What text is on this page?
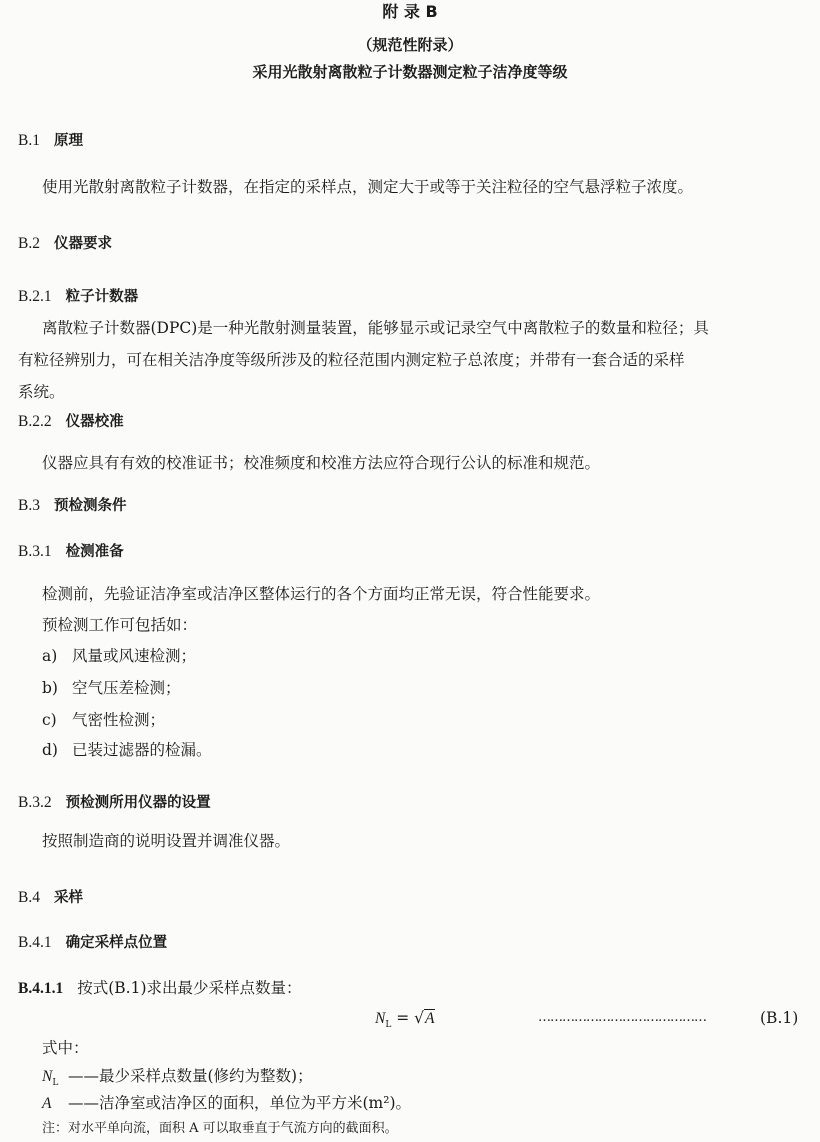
附 录 B
（规范性附录）
采用光散射离散粒子计数器测定粒子洁净度等级
B.1 原理
使用光散射离散粒子计数器，在指定的采样点，测定大于或等于关注粒径的空气悬浮粒子浓度。
B.2 仪器要求
B.2.1 粒子计数器
离散粒子计数器(DPC)是一种光散射测量装置，能够显示或记录空气中离散粒子的数量和粒径；具
有粒径辨别力，可在相关洁净度等级所涉及的粒径范围内测定粒子总浓度；并带有一套合适的采样
系统。
B.2.2 仪器校准
仪器应具有有效的校准证书；校准频度和校准方法应符合现行公认的标准和规范。
B.3 预检测条件
B.3.1 检测准备
检测前，先验证洁净室或洁净区整体运行的各个方面均正常无误，符合性能要求。
预检测工作可包括如：
a) 风量或风速检测；
b) 空气压差检测；
c) 气密性检测；
d) 已装过滤器的检漏。
B.3.2 预检测所用仪器的设置
按照制造商的说明设置并调准仪器。
B.4 采样
B.4.1 确定采样点位置
B.4.1.1 按式(B.1)求出最少采样点数量：
$N_L = √A$	……………………………………	(B.1)
式中：
$N_L$ ——最少采样点数量(修约为整数)；
A ——洁净室或洁净区的面积，单位为平方米(m²)。
注：对水平单向流，面积 A 可以取垂直于气流方向的截面积。
